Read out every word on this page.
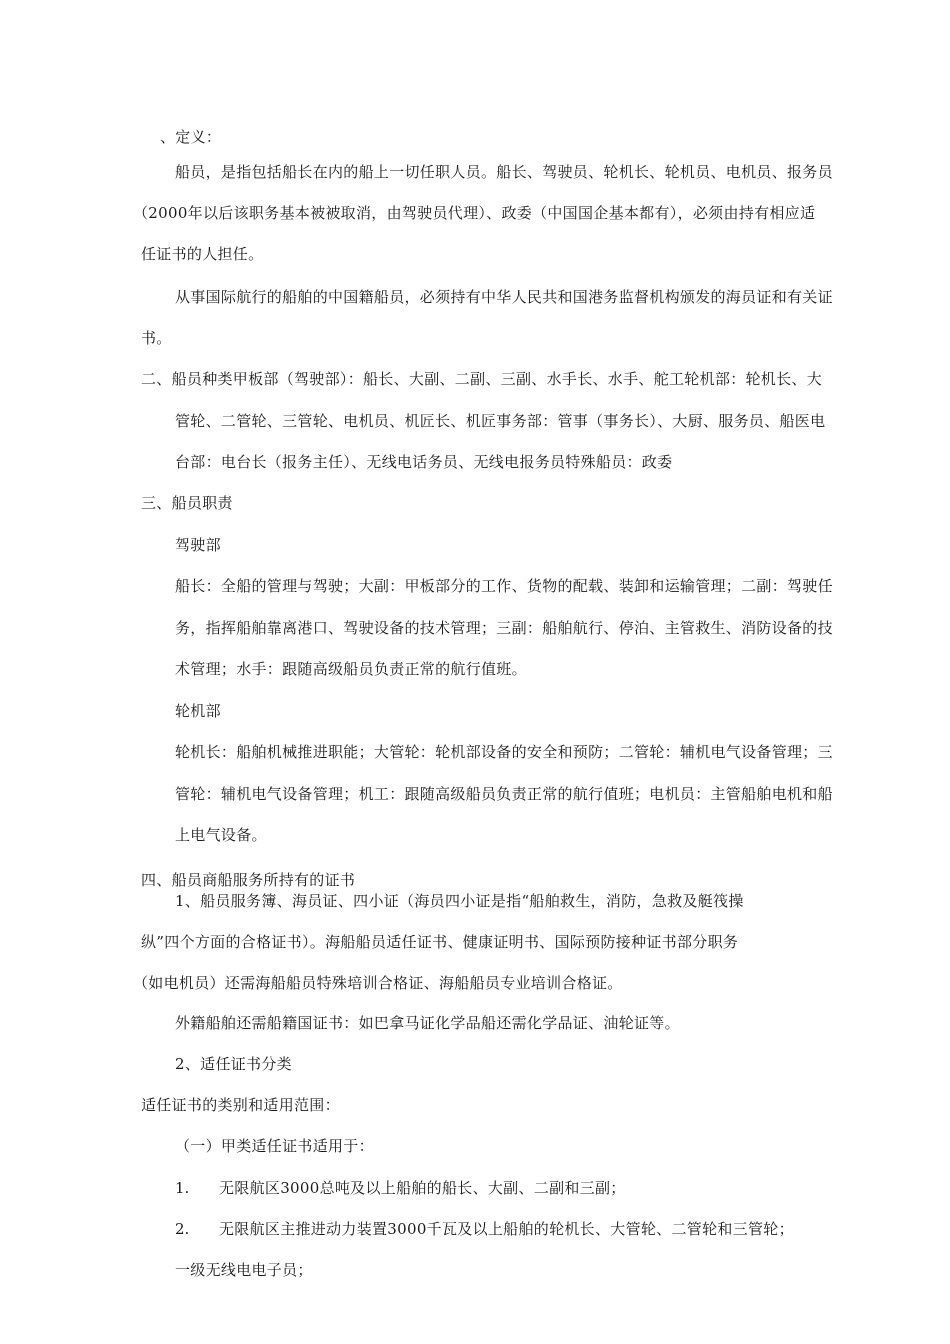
、定义：
船员，是指包括船长在内的船上一切任职人员。船长、驾驶员、轮机长、轮机员、电机员、报务员
（2000年以后该职务基本被被取消，由驾驶员代理）、政委（中国国企基本都有），必须由持有相应适
任证书的人担任。
从事国际航行的船舶的中国籍船员，必须持有中华人民共和国港务监督机构颁发的海员证和有关证
书。
二、船员种类甲板部（驾驶部）：船长、大副、二副、三副、水手长、水手、舵工轮机部：轮机长、大
管轮、二管轮、三管轮、电机员、机匠长、机匠事务部：管事（事务长）、大厨、服务员、船医电
台部：电台长（报务主任）、无线电话务员、无线电报务员特殊船员：政委
三、船员职责
驾驶部
船长：全船的管理与驾驶；大副：甲板部分的工作、货物的配载、装卸和运输管理；二副：驾驶任
务，指挥船舶靠离港口、驾驶设备的技术管理；三副：船舶航行、停泊、主管救生、消防设备的技
术管理；水手：跟随高级船员负责正常的航行值班。
轮机部
轮机长：船舶机械推进职能；大管轮：轮机部设备的安全和预防；二管轮：辅机电气设备管理；三
管轮：辅机电气设备管理；机工：跟随高级船员负责正常的航行值班；电机员：主管船舶电机和船
上电气设备。
四、船员商船服务所持有的证书
1、船员服务簿、海员证、四小证（海员四小证是指“船舶救生，消防，急救及艇筏操
纵”四个方面的合格证书）。海船船员适任证书、健康证明书、国际预防接种证书部分职务
（如电机员）还需海船船员特殊培训合格证、海船船员专业培训合格证。
外籍船舶还需船籍国证书：如巴拿马证化学品船还需化学品证、油轮证等。
2、适任证书分类
适任证书的类别和适用范围：
（一）甲类适任证书适用于：
1. 无限航区3000总吨及以上船舶的船长、大副、二副和三副；
2. 无限航区主推进动力装置3000千瓦及以上船舶的轮机长、大管轮、二管轮和三管轮；
一级无线电电子员；
